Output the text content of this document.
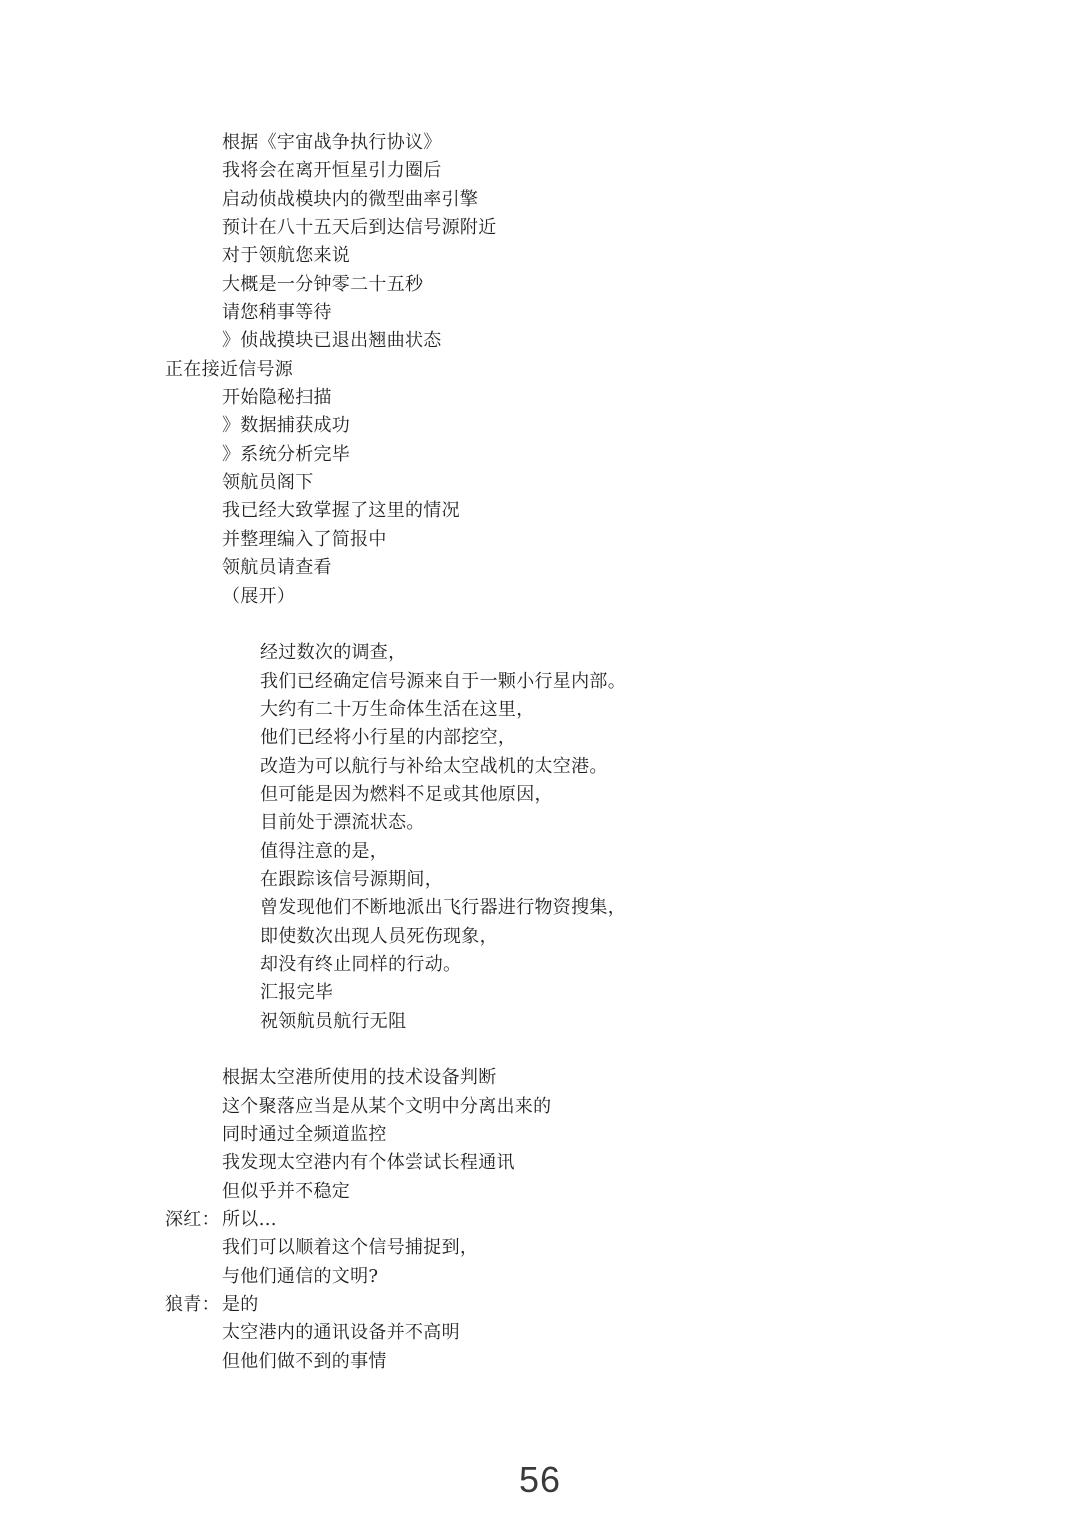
根据《宇宙战争执行协议》
我将会在离开恒星引力圈后
启动侦战模块内的微型曲率引擎
预计在八十五天后到达信号源附近
对于领航您来说
大概是一分钟零二十五秒
请您稍事等待
》侦战摸块已退出翘曲状态
正在接近信号源
开始隐秘扫描
》数据捕获成功
》系统分析完毕
领航员阁下
我已经大致掌握了这里的情况
并整理编入了简报中
领航员请查看
（展开）
经过数次的调查，
我们已经确定信号源来自于一颗小行星内部。
大约有二十万生命体生活在这里，
他们已经将小行星的内部挖空，
改造为可以航行与补给太空战机的太空港。
但可能是因为燃料不足或其他原因，
目前处于漂流状态。
值得注意的是，
在跟踪该信号源期间，
曾发现他们不断地派出飞行器进行物资搜集，
即使数次出现人员死伤现象，
却没有终止同样的行动。
汇报完毕
祝领航员航行无阻
根据太空港所使用的技术设备判断
这个聚落应当是从某个文明中分离出来的
同时通过全频道监控
我发现太空港内有个体尝试长程通讯
但似乎并不稳定
深红： 所以…
我们可以顺着这个信号捕捉到，
与他们通信的文明?
狼青： 是的
太空港内的通讯设备并不高明
但他们做不到的事情
56
